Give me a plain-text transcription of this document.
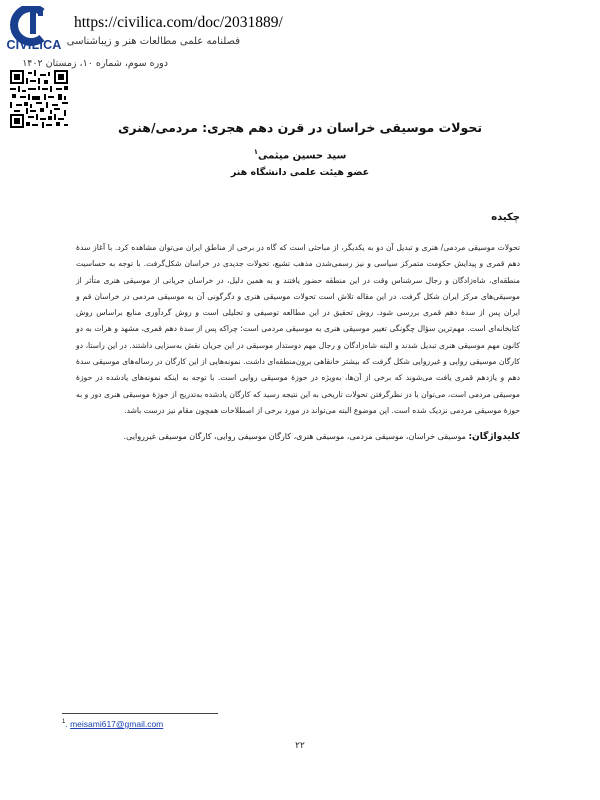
CIVILICA
https://civilica.com/doc/2031889/
فصلنامه علمی مطالعات هنر و زیباشناسی
دوره سوم، شماره ۱۰، زمستان ۱۴۰۲
تحولات موسیقی خراسان در قرن دهم هجری: مردمی/هنری
سید حسین میثمی$^۱$
عضو هیئت علمی دانشگاه هنر
چکیده
تحولات موسیقی مردمی/ هنری و تبدیل آن دو به یکدیگر، از مباحثی است که گاه در برخی از مناطق ایران می‌توان مشاهده کرد. با آغاز سدهٔ دهم قمری و پیدایش حکومت متمرکز سیاسی و نیز رسمی‌شدن مذهب تشیع، تحولات جدیدی در خراسان شکل‌گرفت. با توجه به حساسیت منطقه‌ای، شاه‌زادگان و رجال سرشناس وقت در این منطقه حضور یافتند و به همین دلیل، در خراسان جریانی از موسیقی هنری متأثر از موسیقی‌های مرکز ایران شکل گرفت. در این مقاله تلاش است تحولات موسیقی هنری و دگرگونی آن به موسیقی مردمی در خراسان قم و ایران پس از سدهٔ دهم قمری بررسی شود. روش تحقیق در این مطالعه توصیفی و تحلیلی است و روش گردآوری منابع براساس روش کتابخانه‌ای است. مهم‌ترین سؤال چگونگی تغییر موسیقی هنری به موسیقی مردمی است؛ چراکه پس از سدهٔ دهم قمری، مشهد و هرات به دو کانون مهم موسیقی هنری تبدیل شدند و البته شاه‌زادگان و رجال مهم دوستدار موسیقی در این جریان نقش به‌سزایی داشتند. در این راستا، دو کارگان موسیقی روایی و غیرروایی شکل گرفت که بیشتر خانقاهی برون‌منطقه‌ای داشت. نمونه‌هایی از این کارگان در رساله‌های موسیقی سدهٔ دهم و یازدهم قمری یافت می‌شوند که برخی از آن‌ها، به‌ویژه در حوزهٔ موسیقی روایی است. با توجه به اینکه نمونه‌های یادشده در حوزهٔ موسیقی مردمی است، می‌توان با در نظرگرفتن تحولات تاریخی به این نتیجه رسید که کارگان یادشده به‌تدریج از حوزهٔ موسیقی هنری دور و به حوزهٔ موسیقی مردمی نزدیک شده است. این موضوع البته می‌تواند در مورد برخی از اصطلاحات همچون مقام نیز درست باشد.
کلیدواژگان: موسیقی خراسان، موسیقی مردمی، موسیقی هنری، کارگان موسیقی روایی، کارگان موسیقی غیرروایی.
$^1$. meisami617@gmail.com
۲۲
